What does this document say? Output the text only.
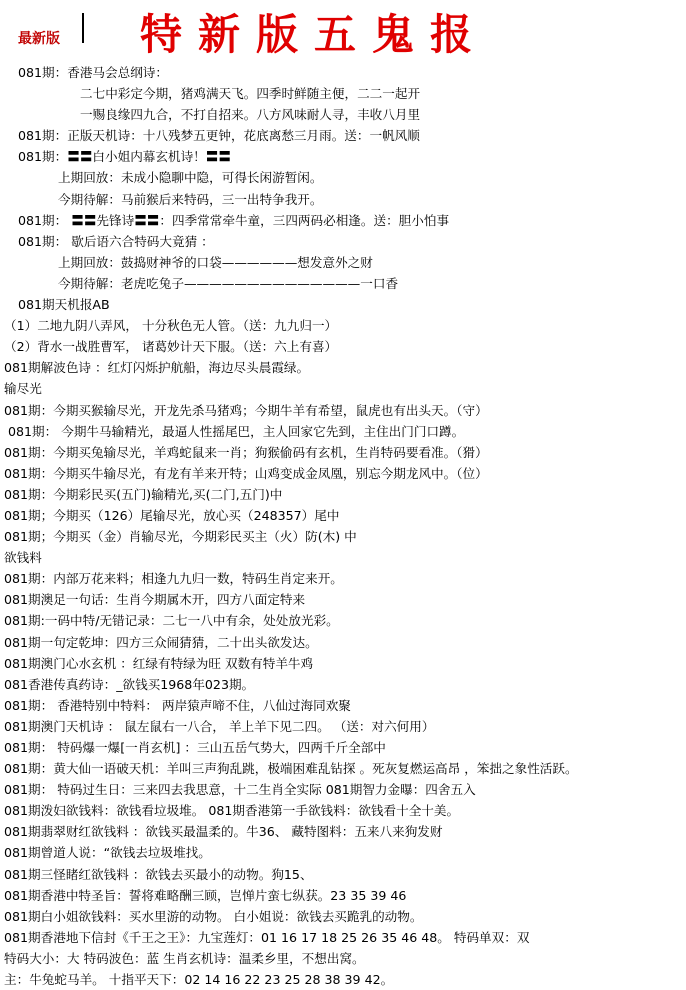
最新版 特新版五鬼报
081期：香港马会总纲诗：
二七中彩定今期，猪鸡满天飞。四季时鲜随主便，二二一起开
一赐良缘四九合，不打自招来。八方风味耐人寻，丰收八月里
081期：正版天机诗：十八残梦五更钟，花底离愁三月雨。送：一帆风顺
081期：〓〓白小姐内幕玄机诗！〓〓
上期回放：未成小隐聊中隐，可得长闲游暂闲。
今期待解：马前猴后来特码，三一出特争我开。
081期： 〓〓先锋诗〓〓：四季常常牵牛童，三四两码必相逢。送：胆小怕事
081期： 歇后语六合特码大竟猜 ：
上期回放：鼓捣财神爷的口袋——————想发意外之财
今期待解：老虎吃兔子——————————————一口香
081期天机报AB
（1）二地九阴八弄风， 十分秋色无人管。（送：九九归一）
（2）背水一战胜曹军， 诸葛妙计天下服。（送：六上有喜）
081期解波色诗 ：红灯闪烁护航船，海边尽头晨霞绿。
输尽光
081期：今期买猴输尽光，开龙先杀马猪鸡；今期牛羊有希望，鼠虎也有出头天。（守）
081期： 今期牛马输精光，最逼人性摇尾巴，主人回家它先到，主住出门门口蹲。
081期：今期买兔输尽光，羊鸡蛇鼠来一肖；狗猴偷码有玄机，生肖特码要看准。（猾）
081期：今期买牛输尽光，有龙有羊来开特；山鸡变成金凤凰，别忘今期龙风中。（位）
081期：今期彩民买(五门)输精光,买(二门,五门)中
081期；今期买（126）尾输尽光，放心买（248357）尾中
081期；今期买（金）肖输尽光，今期彩民买主（火）防(木) 中
欲钱料
081期：内部万花来料；相逢九九归一数，特码生肖定来开。
081期澳足一句话：生肖今期属木开，四方八面定特来
081期:一码中特/无错记录：二七一八中有余，处处放光彩。
081期一句定乾坤：四方三众闹猜猜，二十出头欲发达。
081期澳门心水玄机 ：红绿有特绿为旺 双数有特羊牛鸡
081香港传真药诗：_欲钱买1968年023期。
081期： 香港特别中特料： 两岸猿声啼不住，八仙过海同欢聚
081期澳门天机诗 ： 鼠左鼠右一八合， 羊上羊下见二四。 （送：对六何用）
081期： 特码爆一爆[一肖玄机] ：三山五岳气势大，四两千斤全部中
081期：黄大仙一语破天机：羊叫三声狗乱跳，极端困难乱钻探 。死灰复燃运高昂 ，笨拙之象性活跃。
081期： 特码过生日：三来四去我思意，十二生肖全实际 081期智力金曝：四舍五入
081期泼妇欲钱料：欲钱看垃圾堆。 081期香港第一手欲钱料：欲钱看十全十美。
081期翡翠财红欲钱料 ：欲钱买最温柔的。牛36、 藏特图料：五来八来狗发财
081期曾道人说：“欲钱去垃圾堆找。
081期三怪睹红欲钱料 ：欲钱去买最小的动物。狗15、
081期香港中特圣旨：誓将难略酬三顾，岂惮片蛮七纵获。23 35 39 46
081期白小姐欲钱料：买水里游的动物。 白小姐说：欲钱去买跪乳的动物。
081期香港地下信封《千王之王》：九宝莲灯：01 16 17 18 25 26 35 46 48。 特码单双：双
特码大小：大 特码波色：蓝 生肖玄机诗：温柔乡里，不想出窝。
主：牛兔蛇马羊。 十指平天下：02 14 16 22 23 25 28 38 39 42。
